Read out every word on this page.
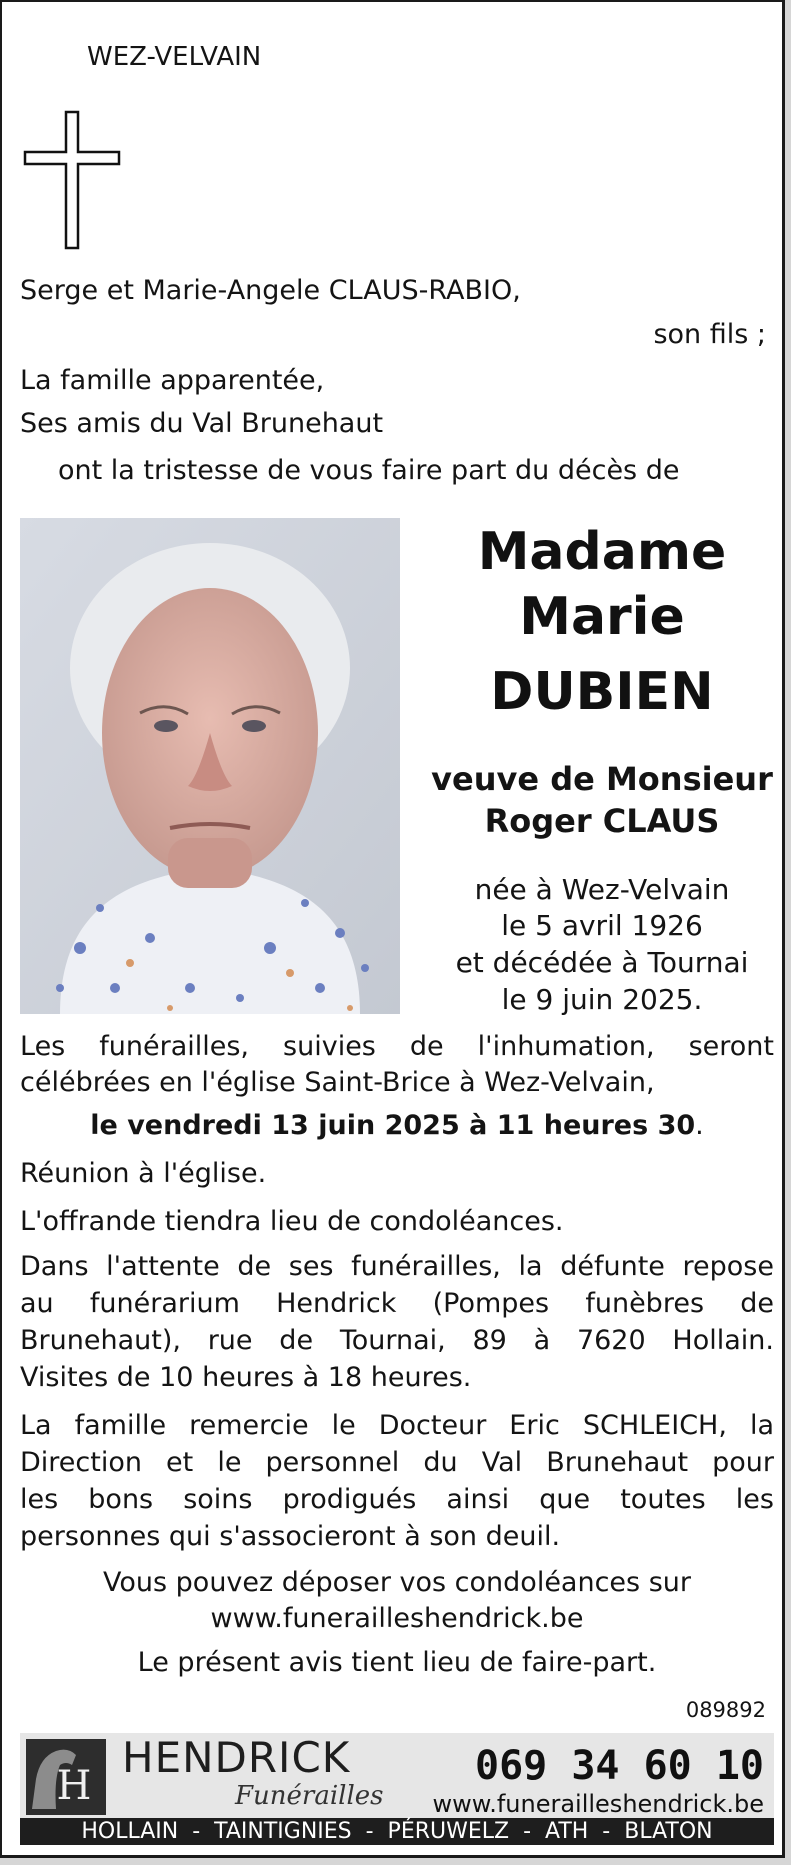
WEZ-VELVAIN
Serge et Marie-Angele CLAUS-RABIO,
son fils ;
La famille apparentée,
Ses amis du Val Brunehaut
ont la tristesse de vous faire part du décès de
Madame
Marie
DUBIEN
veuve de Monsieur
Roger CLAUS
née à Wez-Velvain
le 5 avril 1926
et décédée à Tournai
le 9 juin 2025.
Les funérailles, suivies de l'inhumation, seront
célébrées en l'église Saint-Brice à Wez-Velvain,
le vendredi 13 juin 2025 à 11 heures 30.
Réunion à l'église.
L'offrande tiendra lieu de condoléances.
Dans l'attente de ses funérailles, la défunte repose
au funérarium Hendrick (Pompes funèbres de
Brunehaut), rue de Tournai, 89 à 7620 Hollain.
Visites de 10 heures à 18 heures.
La famille remercie le Docteur Eric SCHLEICH, la
Direction et le personnel du Val Brunehaut pour
les bons soins prodigués ainsi que toutes les
personnes qui s'associeront à son deuil.
Vous pouvez déposer vos condoléances sur
www.funerailleshendrick.be
Le présent avis tient lieu de faire-part.
089892
H
HENDRICK
Funérailles
069 34 60 10
www.funerailleshendrick.be
HOLLAIN  -  TAINTIGNIES  -  PÉRUWELZ  -  ATH  -  BLATON
